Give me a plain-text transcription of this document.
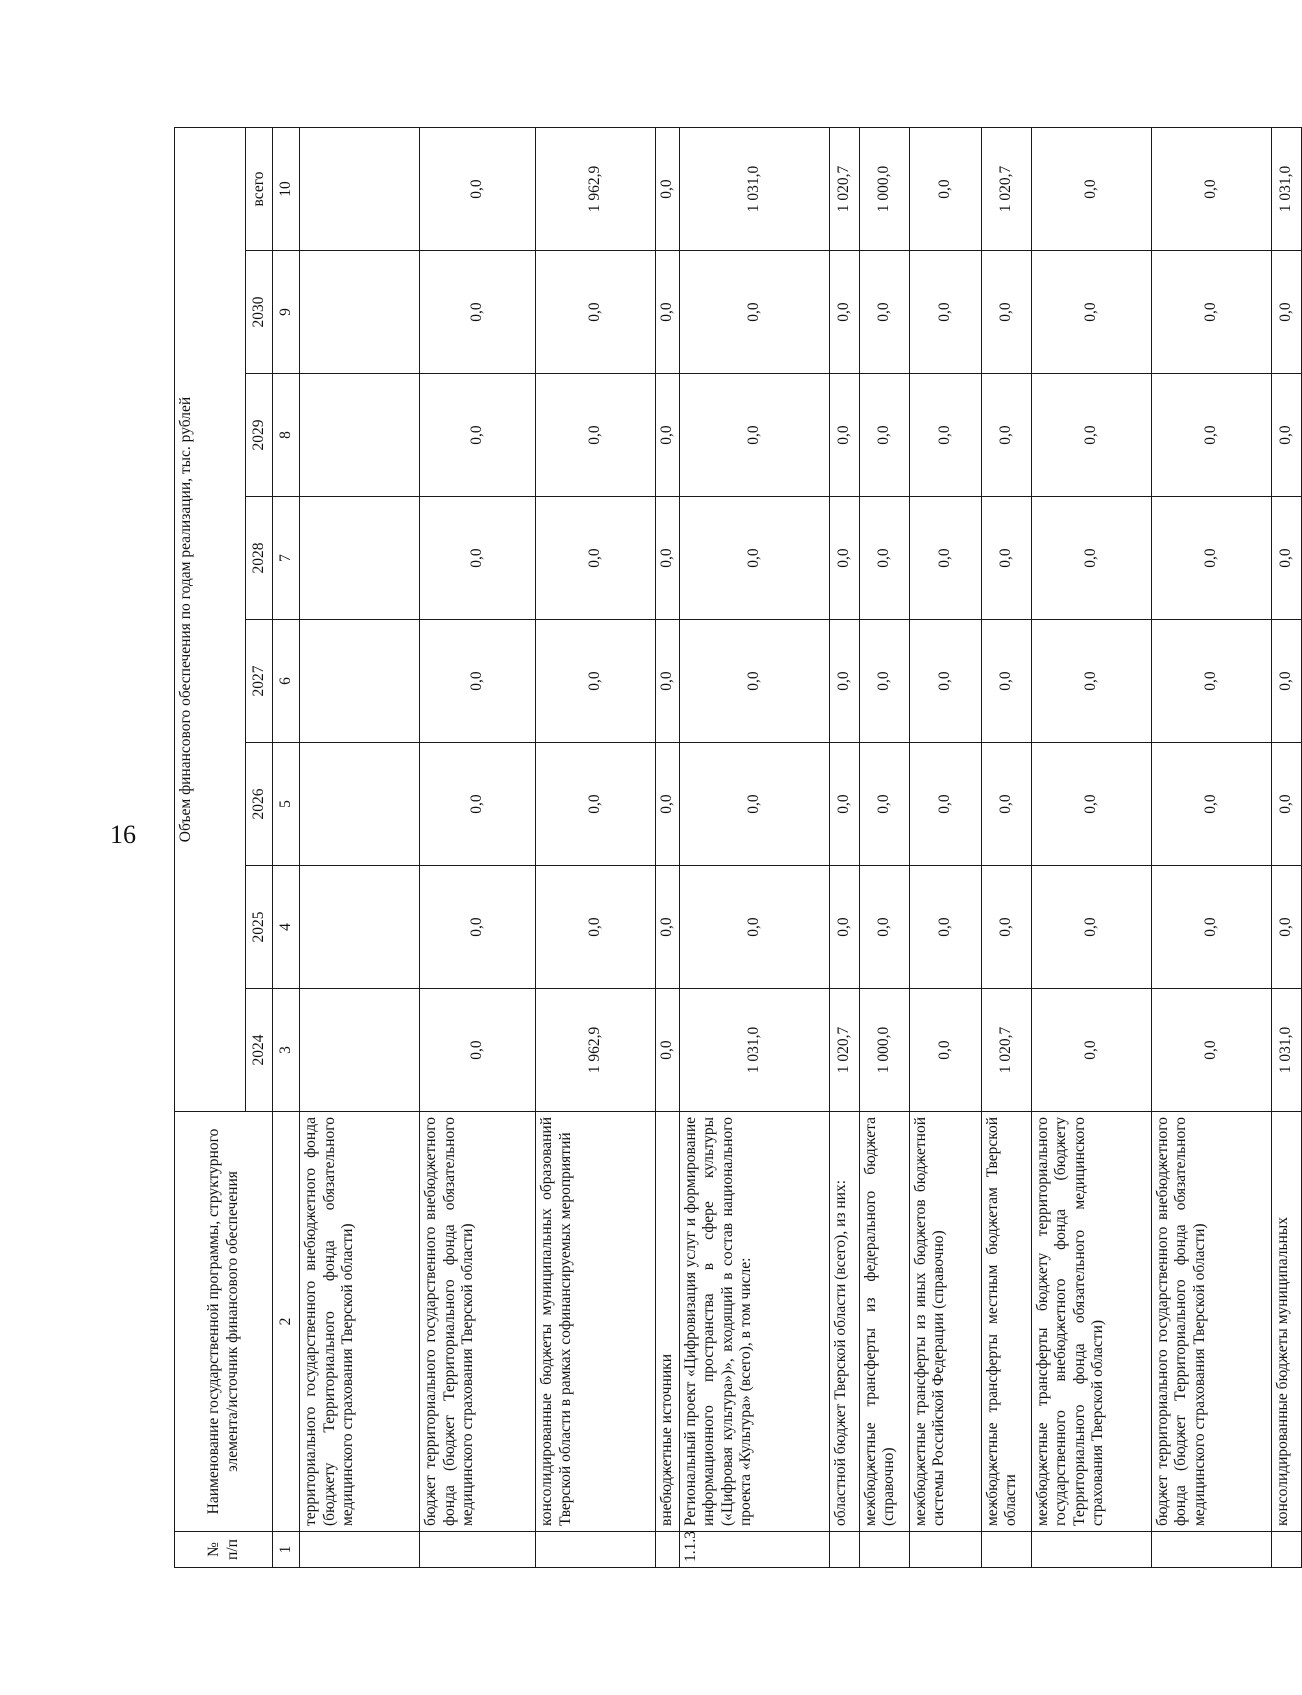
16
№
п/п	Наименование государственной программы, структурного элемента/источник финансового обеспечения	Объем финансового обеспечения по годам реализации, тыс. рублей							
		2024	2025	2026	2027	2028	2029	2030	всего
1	2	3	4	5	6	7	8	9	10
	территориального государственного внебюджетного фонда (бюджету Территориального фонда обязательного медицинского страхования Тверской области)								
	бюджет территориального государственного внебюджетного фонда (бюджет Территориального фонда обязательного медицинского страхования Тверской области)	0,0	0,0	0,0	0,0	0,0	0,0	0,0	0,0
	консолидированные бюджеты муниципальных образований Тверской области в рамках софинансируемых мероприятий	1 962,9	0,0	0,0	0,0	0,0	0,0	0,0	1 962,9
	внебюджетные источники	0,0	0,0	0,0	0,0	0,0	0,0	0,0	0,0
1.1.3	Региональный проект «Цифровизация услуг и формирование информационного пространства в сфере культуры («Цифровая культура»)», входящий в состав национального проекта «Культура» (всего), в том числе:	1 031,0	0,0	0,0	0,0	0,0	0,0	0,0	1 031,0
	областной бюджет Тверской области (всего), из них:	1 020,7	0,0	0,0	0,0	0,0	0,0	0,0	1 020,7
	межбюджетные трансферты из федерального бюджета (справочно)	1 000,0	0,0	0,0	0,0	0,0	0,0	0,0	1 000,0
	межбюджетные трансферты из иных бюджетов бюджетной системы Российской Федерации (справочно)	0,0	0,0	0,0	0,0	0,0	0,0	0,0	0,0
	межбюджетные трансферты местным бюджетам Тверской области	1 020,7	0,0	0,0	0,0	0,0	0,0	0,0	1 020,7
	межбюджетные трансферты бюджету территориального государственного внебюджетного фонда (бюджету Территориального фонда обязательного медицинского страхования Тверской области)	0,0	0,0	0,0	0,0	0,0	0,0	0,0	0,0
	бюджет территориального государственного внебюджетного фонда (бюджет Территориального фонда обязательного медицинского страхования Тверской области)	0,0	0,0	0,0	0,0	0,0	0,0	0,0	0,0
	консолидированные бюджеты муниципальных	1 031,0	0,0	0,0	0,0	0,0	0,0	0,0	1 031,0
